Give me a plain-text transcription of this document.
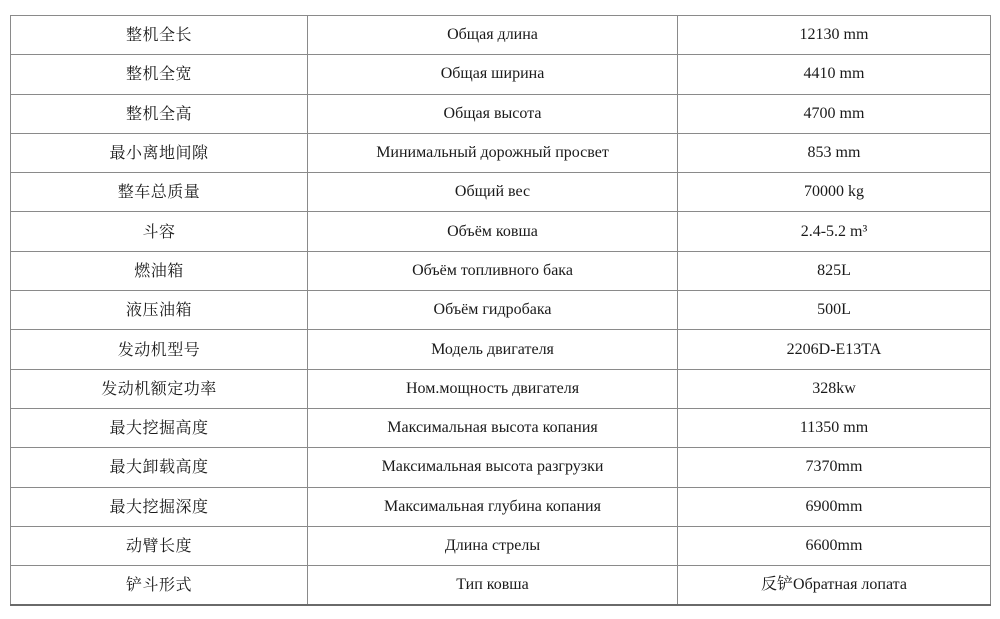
整机全长	Общая длина	12130 mm
整机全宽	Общая ширина	4410 mm
整机全高	Общая высота	4700 mm
最小离地间隙	Минимальный дорожный просвет	853 mm
整车总质量	Общий вес	70000 kg
斗容	Объём ковша	2.4-5.2 m³
燃油箱	Объём топливного бака	825L
液压油箱	Объём гидробака	500L
发动机型号	Модель двигателя	2206D-E13TA
发动机额定功率	Ном.мощность двигателя	328kw
最大挖掘高度	Максимальная высота копания	11350 mm
最大卸载高度	Максимальная высота разгрузки	7370mm
最大挖掘深度	Максимальная глубина копания	6900mm
动臂长度	Длина стрелы	6600mm
铲斗形式	Тип ковша	反铲Обратная лопата
